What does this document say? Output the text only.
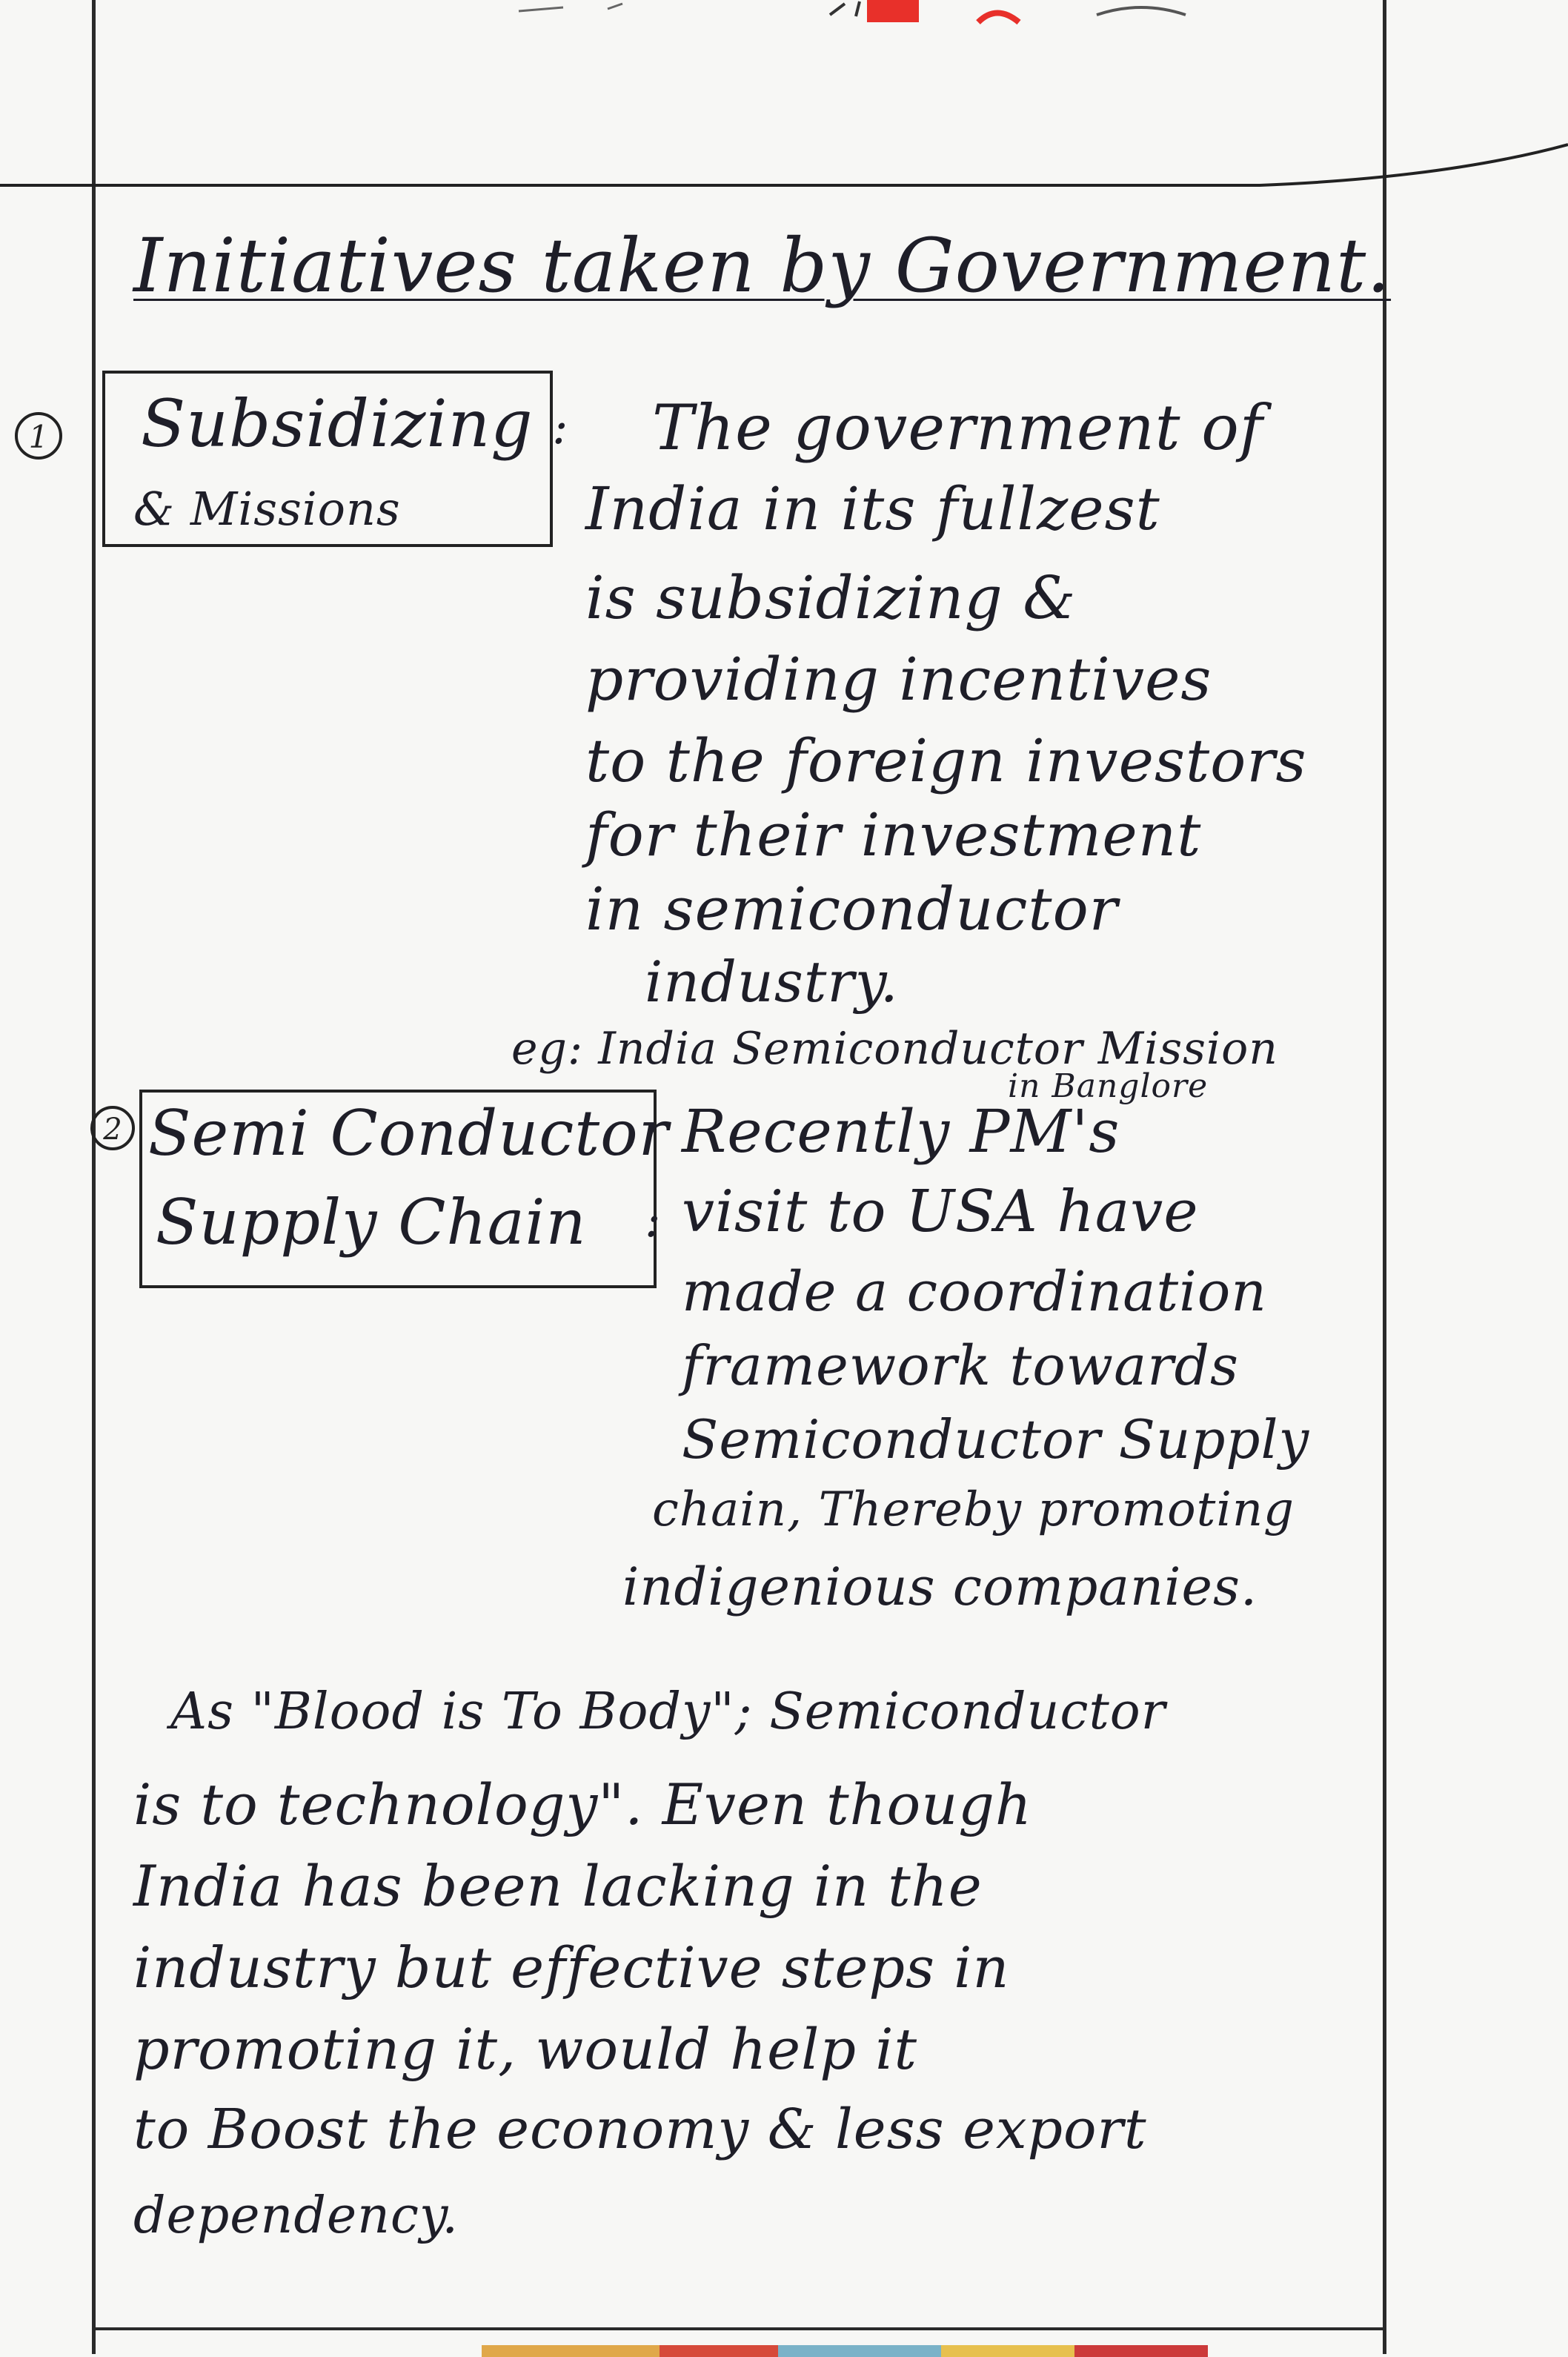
Initiatives taken by Government.
1 Subsidizing
& Missions
: The government of
India in its fullzest
is subsidizing &
providing incentives
to the foreign investors
for their investment
in semiconductor
industry.
eg: India Semiconductor Mission
in Banglore
2 Semi Conductor
Supply Chain :
Recently PM's
visit to USA have
made a coordination
framework towards
Semiconductor Supply
chain, Thereby promoting
indigenious companies.
As "Blood is To Body"; Semiconductor
is to technology". Even though
India has been lacking in the
industry but effective steps in
promoting it, would help it
to Boost the economy & less export
dependency.
